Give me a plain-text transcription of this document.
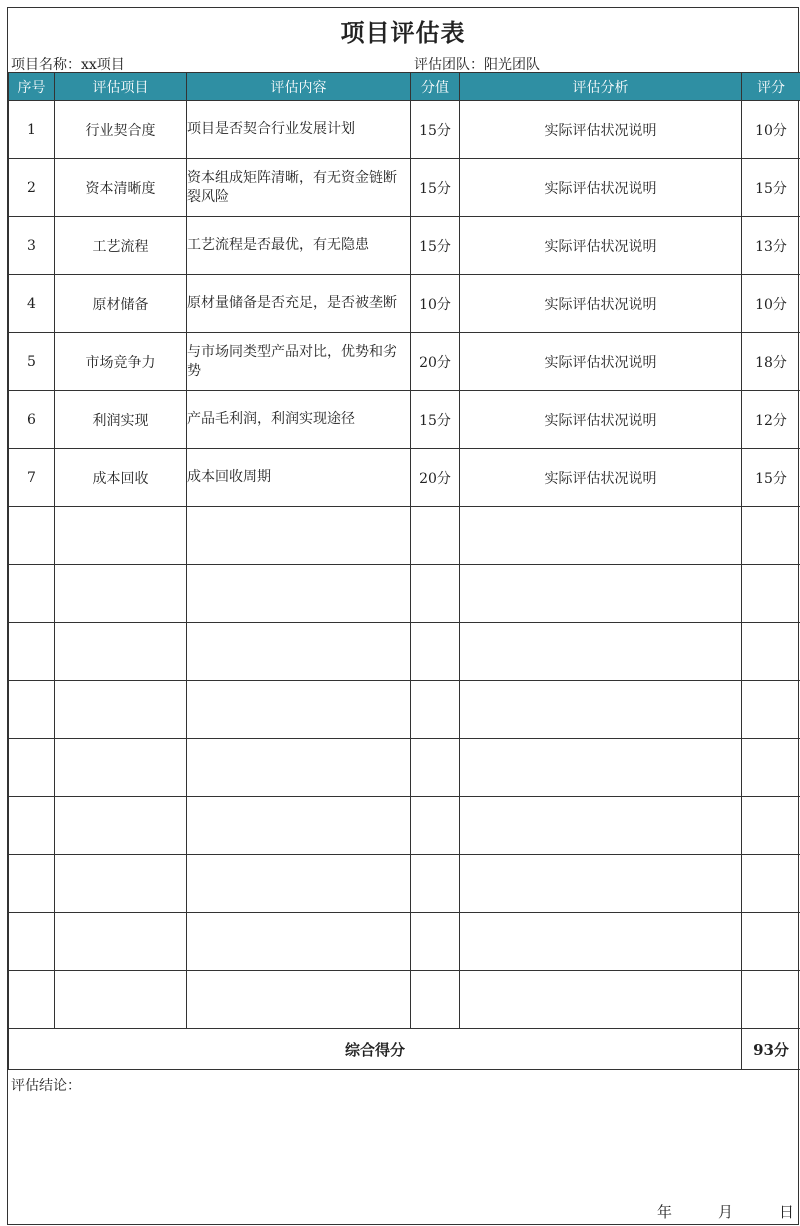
项目评估表
项目名称：xx项目	评估团队：阳光团队
序号	评估项目	评估内容	分值	评估分析	评分
1	行业契合度	项目是否契合行业发展计划	15分	实际评估状况说明	10分
2	资本清晰度	资本组成矩阵清晰，有无资金链断裂风险	15分	实际评估状况说明	15分
3	工艺流程	工艺流程是否最优，有无隐患	15分	实际评估状况说明	13分
4	原材储备	原材量储备是否充足，是否被垄断	10分	实际评估状况说明	10分
5	市场竞争力	与市场同类型产品对比，优势和劣势	20分	实际评估状况说明	18分
6	利润实现	产品毛利润，利润实现途径	15分	实际评估状况说明	12分
7	成本回收	成本回收周期	20分	实际评估状况说明	15分

综合得分					93分
评估结论：
年	月	日
